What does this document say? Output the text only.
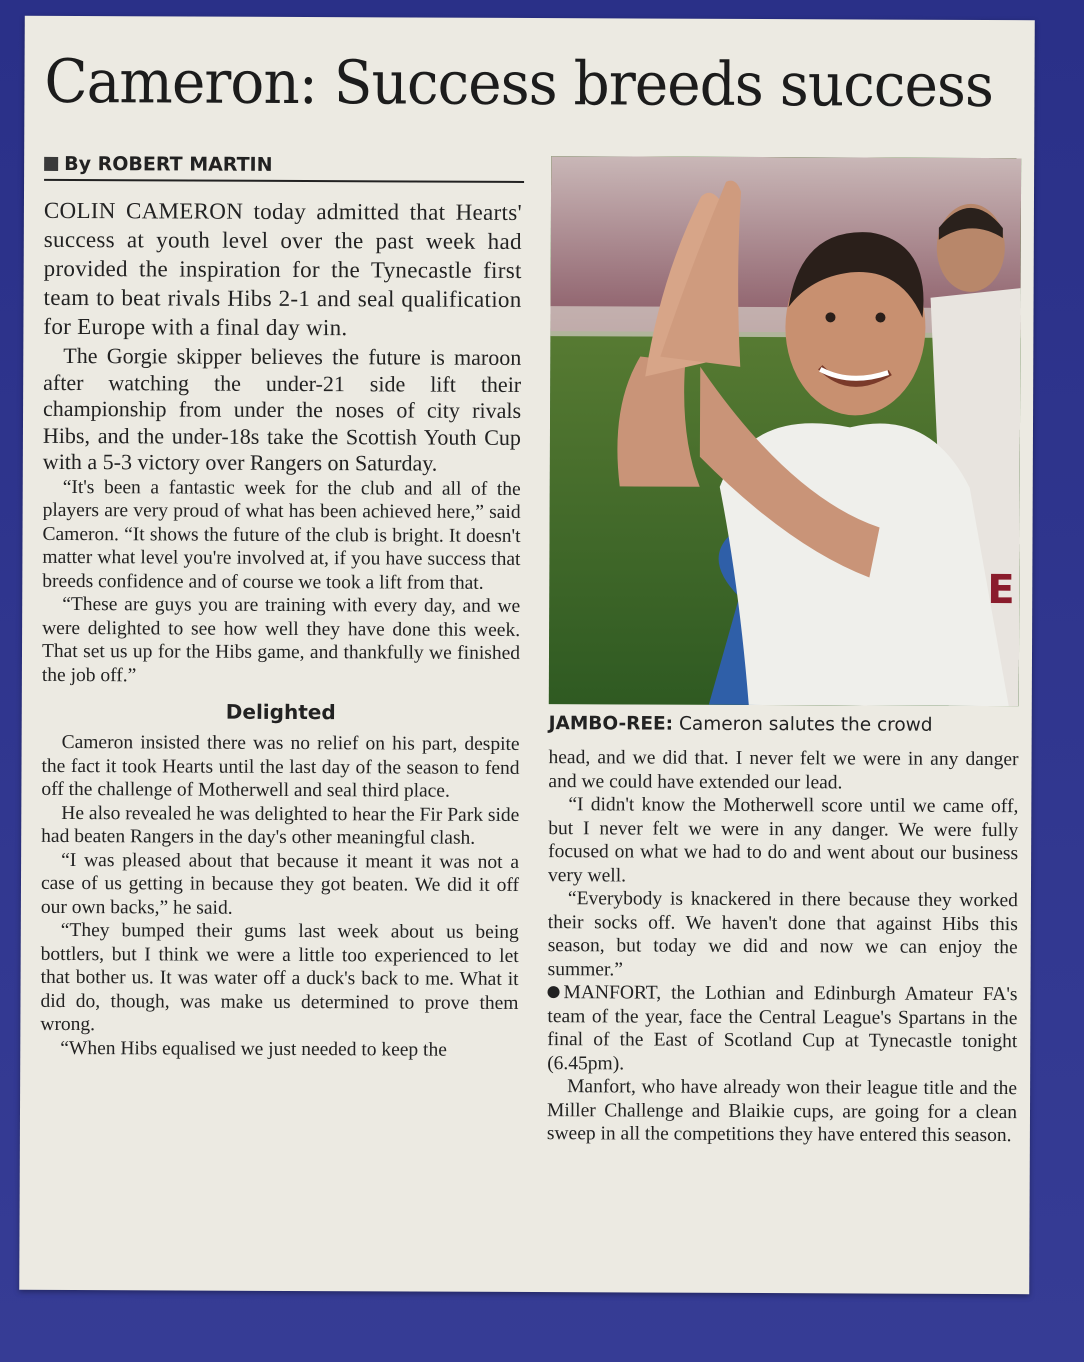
Cameron: Success breeds success
By ROBERT MARTIN

COLIN CAMERON today admitted that Hearts' success at youth level over the past week had provided the inspiration for the Tynecastle first team to beat rivals Hibs 2-1 and seal qualification for Europe with a final day win.

The Gorgie skipper believes the future is maroon after watching the under-21 side lift their championship from under the noses of city rivals Hibs, and the under-18s take the Scottish Youth Cup with a 5-3 victory over Rangers on Saturday.

“It's been a fantastic week for the club and all of the players are very proud of what has been achieved here,” said Cameron. “It shows the future of the club is bright. It doesn't matter what level you're involved at, if you have success that breeds confidence and of course we took a lift from that.

“These are guys you are training with every day, and we were delighted to see how well they have done this week. That set us up for the Hibs game, and thankfully we finished the job off.”

Delighted

Cameron insisted there was no relief on his part, despite the fact it took Hearts until the last day of the season to fend off the challenge of Motherwell and seal third place.

He also revealed he was delighted to hear the Fir Park side had beaten Rangers in the day's other meaningful clash.

“I was pleased about that because it meant it was not a case of us getting in because they got beaten. We did it off our own backs,” he said.

“They bumped their gums last week about us being bottlers, but I think we were a little too experienced to let that bother us. It was water off a duck's back to me. What it did do, though, was make us determined to prove them wrong.

“When Hibs equalised we just needed to keep the

E
JAMBO-REE: Cameron salutes the crowd

head, and we did that. I never felt we were in any danger and we could have extended our lead.

“I didn't know the Motherwell score until we came off, but I never felt we were in any danger. We were fully focused on what we had to do and went about our business very well.

“Everybody is knackered in there because they worked their socks off. We haven't done that against Hibs this season, but today we did and now we can enjoy the summer.”

MANFORT, the Lothian and Edinburgh Amateur FA's team of the year, face the Central League's Spartans in the final of the East of Scotland Cup at Tynecastle tonight (6.45pm).

Manfort, who have already won their league title and the Miller Challenge and Blaikie cups, are going for a clean sweep in all the competitions they have entered this season.
